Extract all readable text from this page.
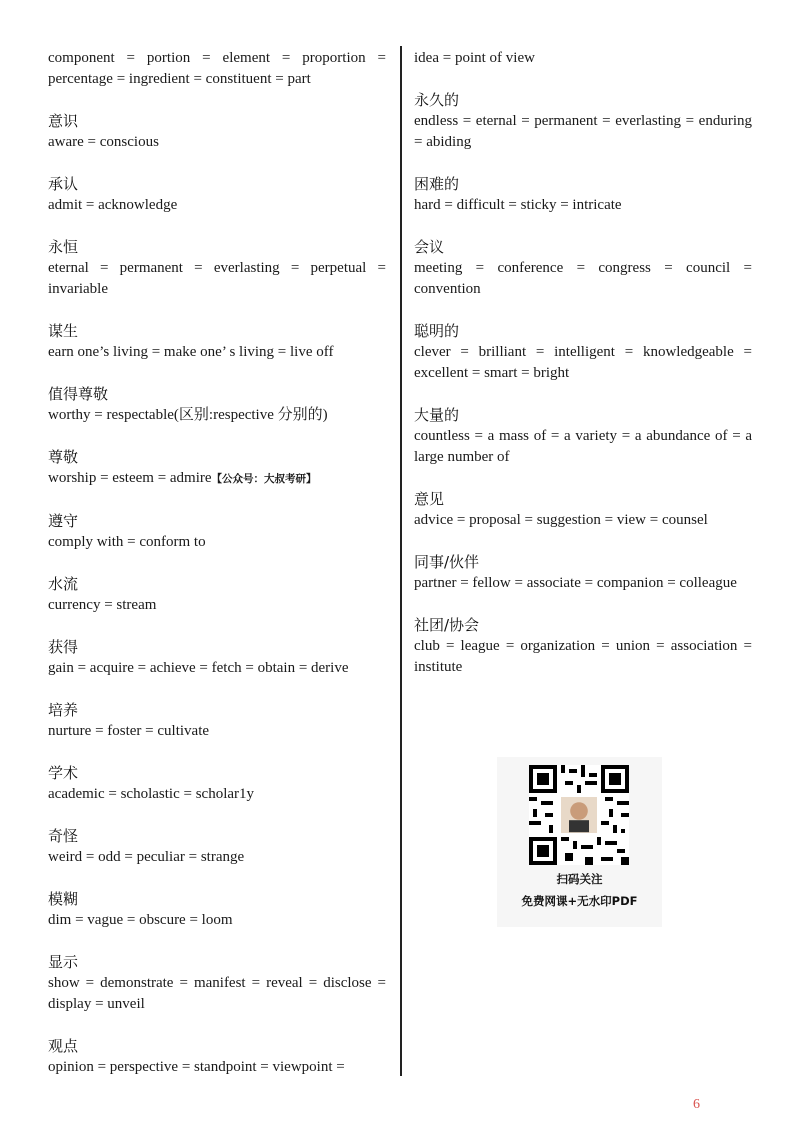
component = portion = element = proportion = percentage = ingredient = constituent = part
意识
aware = conscious
承认
admit = acknowledge
永恒
eternal = permanent = everlasting = perpetual = invariable
谋生
earn one’s living = make one’ s living = live off
值得尊敬
worthy = respectable(区别:respective 分别的)
尊敬
worship = esteem = admire【公众号：大叔考研】
遵守
comply with = conform to
水流
currency = stream
获得
gain = acquire = achieve = fetch = obtain = derive
培养
nurture = foster = cultivate
学术
academic = scholastic = scholar1y
奇怪
weird = odd = peculiar = strange
模糊
dim = vague = obscure = loom
显示
show = demonstrate = manifest = reveal = disclose = display = unveil
观点
opinion = perspective = standpoint = viewpoint =
idea = point of view
永久的
endless = eternal = permanent = everlasting = enduring = abiding
困难的
hard = difficult = sticky = intricate
会议
meeting = conference = congress = council = convention
聪明的
clever = brilliant = intelligent = knowledgeable = excellent = smart = bright
大量的
countless = a mass of = a variety = a abundance of = a large number of
意见
advice = proposal = suggestion = view = counsel
同事/伙伴
partner = fellow = associate = companion = colleague
社团/协会
club = league = organization = union = association = institute
扫码关注
免费网课+无水印PDF
6
